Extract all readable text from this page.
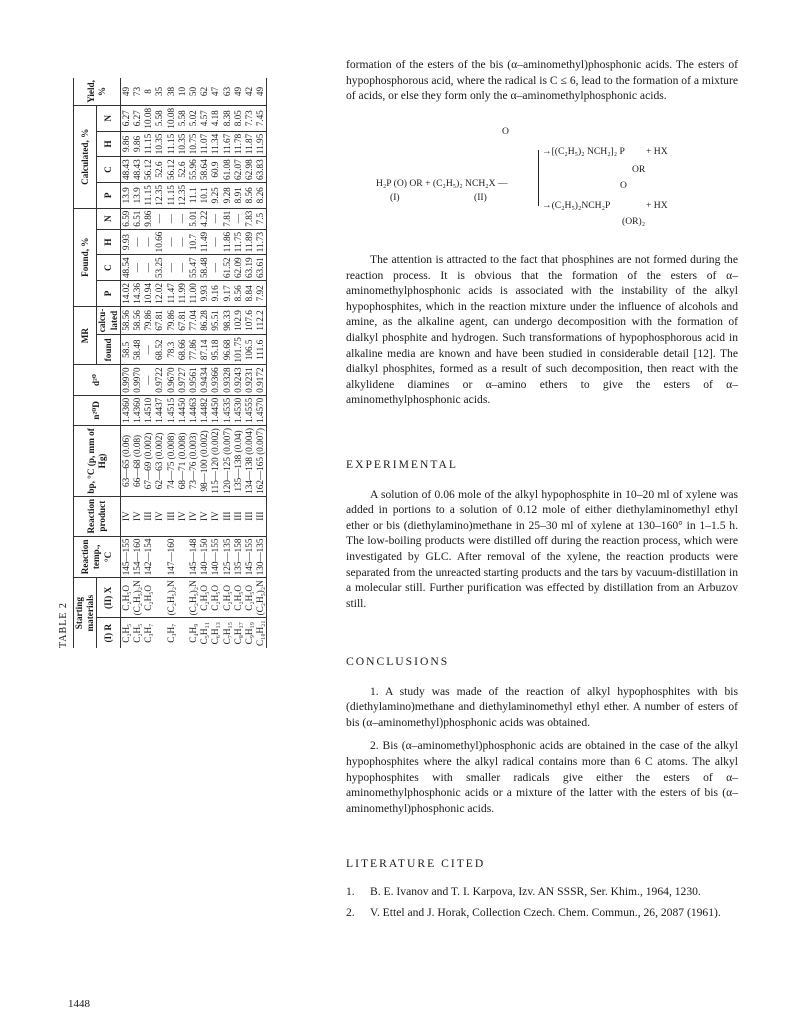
TABLE 2 Starting materials		Reaction temp., °C	Reaction product	bp, °C (p, mm of Hg)	n²⁰D	d²⁰	MR		Found, %				Calculated, %				Yield, %
(I) R	(II) X						found	calcu-lated	P	C	H	N	P	C	H	N	
C₂H₅	C₂H₅O	145—155	IV	63—65 (0.06)	1.4360	0.9970	58.5	58.56	14.02	48.54	9.93	6.59	13.9	48.43	9.86	6.27	49
C₂H₅	(C₂H₅)₂N	154—160	IV	66—68 (0.08)	1.4360	0.9970	58.48	58.56	14.36	—	—	6.51	13.9	48.43	9.86	6.27	73
C₃H₇	C₂H₅O	142—154	III	67—69 (0.002)	1.4510	—	—	79.86	10.94	—	—	9.86	11.15	56.12	11.15	10.08	8
			IV	62—63 (0.002)	1.4437	0.9722	68.52	67.81	12.02	53.25	10.66	—	12.35	52.6	10.35	5.58	35
C₃H₇	(C₂H₅)₂N	147—160	III	74—75 (0.008)	1.4515	0.9670	78.3	79.86	11.47	—	—	—	11.15	56.12	11.15	10.08	38
			IV	68—71 (0.008)	1.4450	0.9727	68.66	67.81	11.99	—	—	—	12.35	52.6	10.35	5.58	10
C₄H₉	(C₂H₅)₂N	145—148	IV	73—76 (0.003)	1.4463	0.9561	77.86	77.04	11.00	55.47	10.7	5.01	11.1	55.96	10.75	5.02	50
C₅H₁₁	C₂H₅O	140—150	IV	98—100 (0.002)	1.4482	0.9434	87.14	86.28	9.93	58.48	11.49	4.22	10.1	58.64	11.07	4.57	62
C₆H₁₃	C₂H₅O	140—155	IV	115—120 (0.002)	1.4450	0.9366	95.18	95.51	9.16	—	—	—	9.25	60.9	11.34	4.18	47
C₇H₁₅	C₂H₅O	125—135	III	120—125 (0.007)	1.4535	0.9328	96.68	98.33	9.17	61.52	11.86	7.81	9.28	61.08	11.67	8.38	63
C₈H₁₇	C₂H₅O	135—158	III	135—138 (0.04)	1.4530	0.9243	101.75	102.9	8.56	62.09	11.75	—	8.91	62.07	11.78	8.05	49
C₉H₁₉	C₂H₅O	145—155	III	134—138 (0.004)	1.4555	0.9231	106.5	107.6	8.84	63.19	11.89	7.83	8.56	62.98	11.87	7.73	42
C₁₀H₂₁	(C₂H₅)₂N	130—135	III	162—165 (0.007)	1.4570	0.9172	111.6	112.2	7.92	63.61	11.73	7.5	8.26	63.83	11.95	7.45	49

formation of the esters of the bis (α–aminomethyl)phosphonic acids. The esters of hypophosphorous acid, where the radical is C ≤ 6, lead to the formation of a mixture of acids, or else they form only the α–aminomethylphosphonic acids.

O
→[(C₂H₅)₂ NCH₂]₂ P + HX
OR
H₂P (O) OR + (C₂H₅)₂ NCH₂X —
(I)	(II)
O
→(C₂H₅)₂NCH₂P	+ HX
(OR)₂

The attention is attracted to the fact that phosphines are not formed during the reaction process. It is obvious that the formation of the esters of α–aminomethylphosphonic acids is associated with the instability of the alkyl hypophosphites, which in the reaction mixture under the influence of alcohols and amine, as the alkaline agent, can undergo decomposition with the formation of dialkyl phosphite and hydrogen. Such transformations of hypophosphorous acid in alkaline media are known and have been studied in considerable detail [12]. The dialkyl phosphites, formed as a result of such decomposition, then react with the alkylidene diamines or α–amino ethers to give the esters of α–aminomethylphosphonic acids.

EXPERIMENTAL

A solution of 0.06 mole of the alkyl hypophosphite in 10–20 ml of xylene was added in portions to a solution of 0.12 mole of either diethylaminomethyl ethyl ether or bis (diethylamino)methane in 25–30 ml of xylene at 130–160° in 1–1.5 h. The low-boiling products were distilled off during the reaction process, which were investigated by GLC. After removal of the xylene, the reaction products were separated from the unreacted starting products and the tars by vacuum-distillation in a molecular still. Further purification was effected by distillation from an Arbuzov still.

CONCLUSIONS

1. A study was made of the reaction of alkyl hypophosphites with bis (diethylamino)methane and diethylaminomethyl ethyl ether. A number of esters of bis (α–aminomethyl)phosphonic acids was obtained.

2. Bis (α–aminomethyl)phosphonic acids are obtained in the case of the alkyl hypophosphites where the alkyl radical contains more than 6 C atoms. The alkyl hypophosphites with smaller radicals give either the esters of α–aminomethylphosphonic acids or a mixture of the latter with the esters of bis (α–aminomethyl)phosphonic acids.

LITERATURE CITED

1.	B. E. Ivanov and T. I. Karpova, Izv. AN SSSR, Ser. Khim., 1964, 1230.
2.	V. Ettel and J. Horak, Collection Czech. Chem. Commun., 26, 2087 (1961).
1448
